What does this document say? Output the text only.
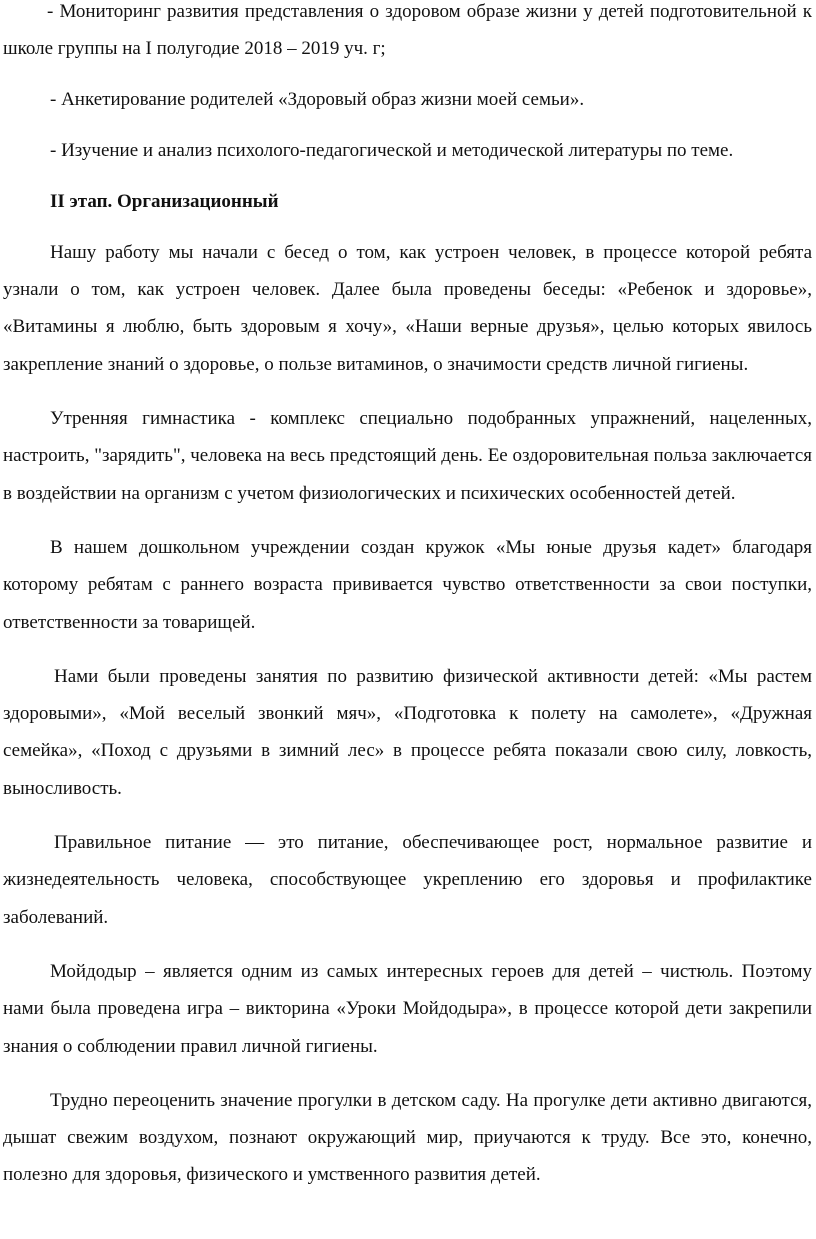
- Мониторинг развития представления о здоровом образе жизни у детей подготовительной к школе группы на I полугодие 2018 – 2019 уч. г;

- Анкетирование родителей «Здоровый образ жизни моей семьи».

- Изучение и анализ психолого-педагогической и методической литературы по теме.

II этап. Организационный

Нашу работу мы начали с бесед о том, как устроен человек, в процессе которой ребята узнали о том, как устроен человек. Далее была проведены беседы: «Ребенок и здоровье», «Витамины я люблю, быть здоровым я хочу», «Наши верные друзья», целью которых явилось закрепление знаний о здоровье, о пользе витаминов, о значимости средств личной гигиены.

Утренняя гимнастика - комплекс специально подобранных упражнений, нацеленных, настроить, "зарядить", человека на весь предстоящий день. Ее оздоровительная польза заключается в воздействии на организм с учетом физиологических и психических особенностей детей.

В нашем дошкольном учреждении создан кружок «Мы юные друзья кадет» благодаря которому ребятам с раннего возраста прививается чувство ответственности за свои поступки, ответственности за товарищей.

Нами были проведены занятия по развитию физической активности детей: «Мы растем здоровыми», «Мой веселый звонкий мяч», «Подготовка к полету на самолете», «Дружная семейка», «Поход с друзьями в зимний лес» в процессе ребята показали свою силу, ловкость, выносливость.

Правильное питание — это питание, обеспечивающее рост, нормальное развитие и жизнедеятельность человека, способствующее укреплению его здоровья и профилактике заболеваний.

Мойдодыр – является одним из самых интересных героев для детей – чистюль. Поэтому нами была проведена игра – викторина «Уроки Мойдодыра», в процессе которой дети закрепили знания о соблюдении правил личной гигиены.

Трудно переоценить значение прогулки в детском саду. На прогулке дети активно двигаются, дышат свежим воздухом, познают окружающий мир, приучаются к труду. Все это, конечно, полезно для здоровья, физического и умственного развития детей.
